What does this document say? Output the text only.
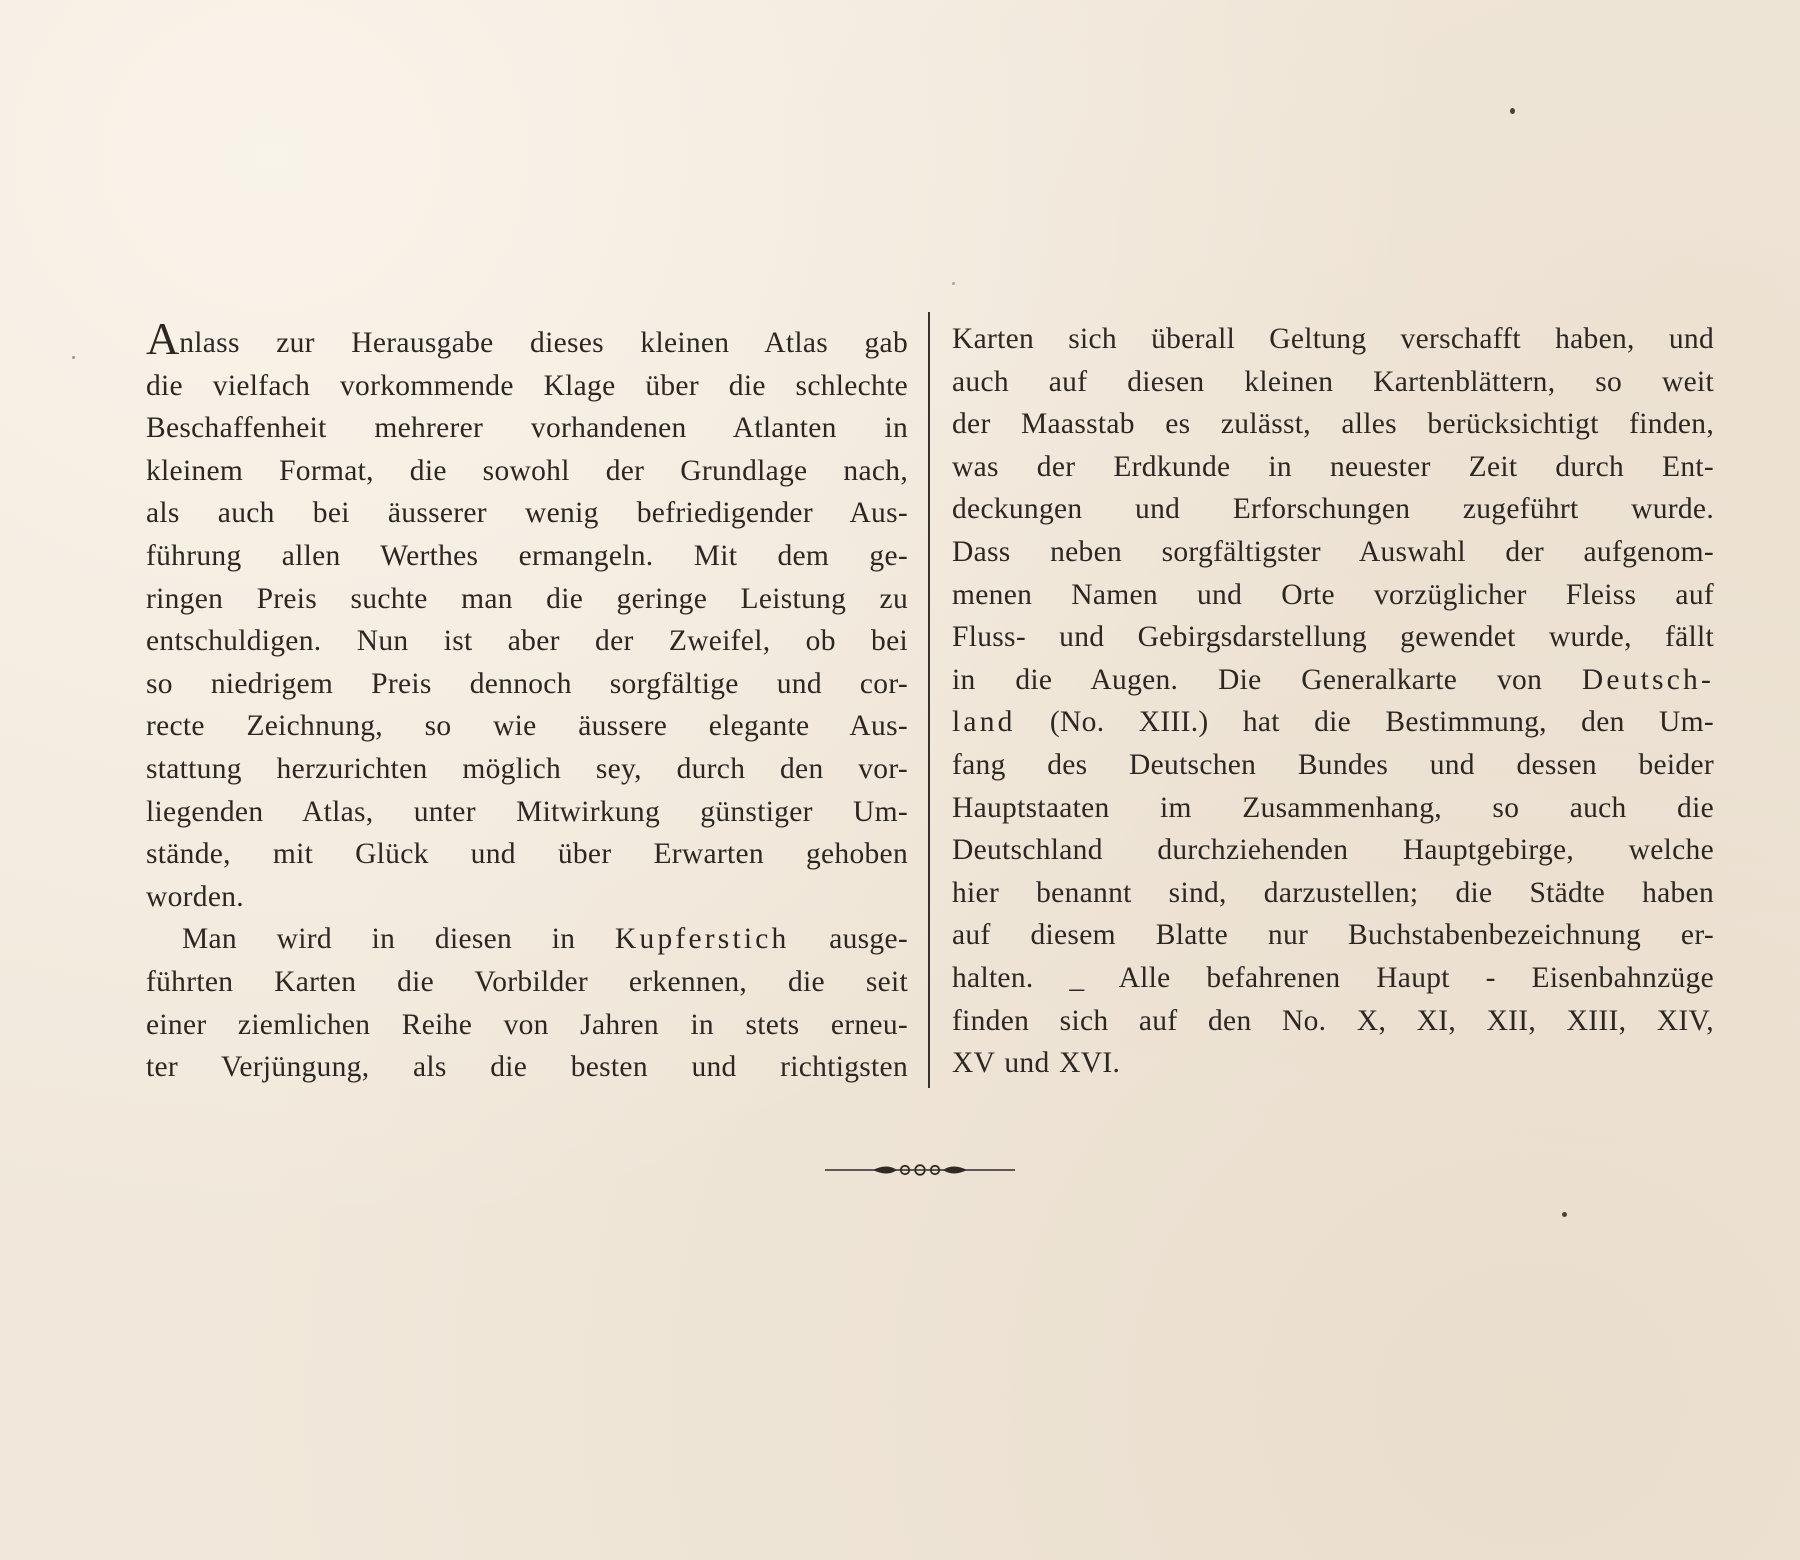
Anlass zur Herausgabe dieses kleinen Atlas gab
die vielfach vorkommende Klage über die schlechte
Beschaffenheit mehrerer vorhandenen Atlanten in
kleinem Format, die sowohl der Grundlage nach,
als auch bei äusserer wenig befriedigender Aus-
führung allen Werthes ermangeln. Mit dem ge-
ringen Preis suchte man die geringe Leistung zu
entschuldigen. Nun ist aber der Zweifel, ob bei
so niedrigem Preis dennoch sorgfältige und cor-
recte Zeichnung, so wie äussere elegante Aus-
stattung herzurichten möglich sey, durch den vor-
liegenden Atlas, unter Mitwirkung günstiger Um-
stände, mit Glück und über Erwarten gehoben
worden.
Man wird in diesen in Kupferstich ausge-
führten Karten die Vorbilder erkennen, die seit
einer ziemlichen Reihe von Jahren in stets erneu-
ter Verjüngung, als die besten und richtigsten
Karten sich überall Geltung verschafft haben, und
auch auf diesen kleinen Kartenblättern, so weit
der Maasstab es zulässt, alles berücksichtigt finden,
was der Erdkunde in neuester Zeit durch Ent-
deckungen und Erforschungen zugeführt wurde.
Dass neben sorgfältigster Auswahl der aufgenom-
menen Namen und Orte vorzüglicher Fleiss auf
Fluss- und Gebirgsdarstellung gewendet wurde, fällt
in die Augen. Die Generalkarte von Deutsch-
land (No. XIII.) hat die Bestimmung, den Um-
fang des Deutschen Bundes und dessen beider
Hauptstaaten im Zusammenhang, so auch die
Deutschland durchziehenden Hauptgebirge, welche
hier benannt sind, darzustellen; die Städte haben
auf diesem Blatte nur Buchstabenbezeichnung er-
halten. _ Alle befahrenen Haupt - Eisenbahnzüge
finden sich auf den No. X, XI, XII, XIII, XIV,
XV und XVI.
